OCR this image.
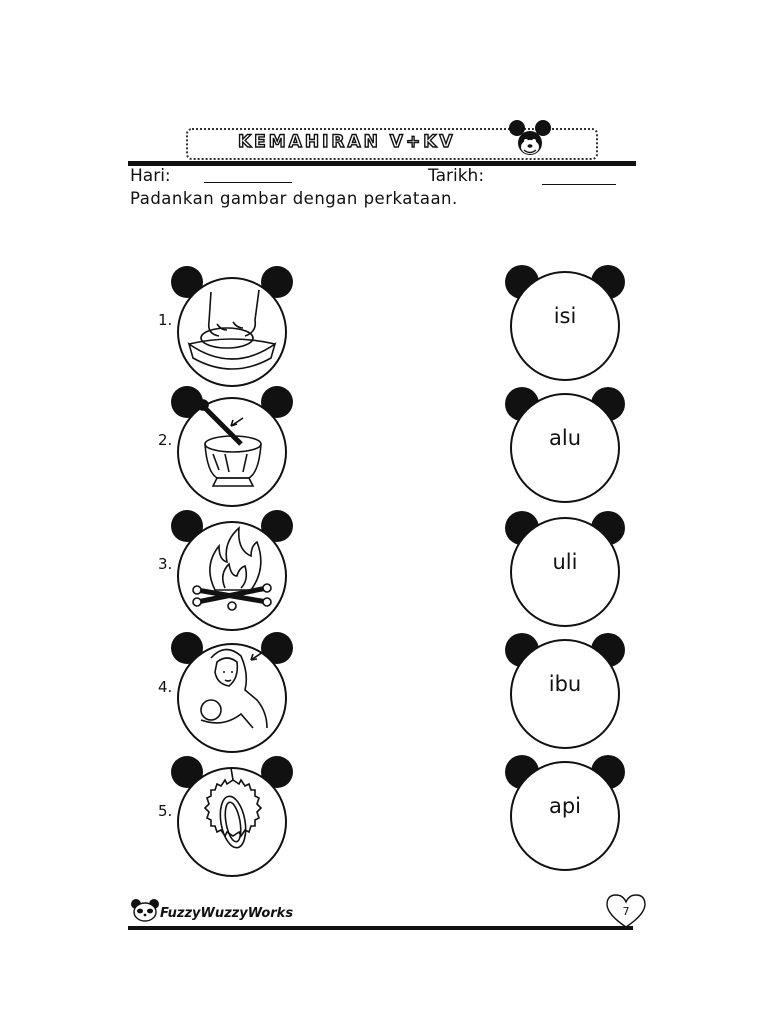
KEMAHIRAN V+KV
Hari:	Tarikh:
Padankan gambar dengan perkataan.
1.
2.
3.
4.
5.
isi
alu
uli
ibu
api
FuzzyWuzzyWorks	7
